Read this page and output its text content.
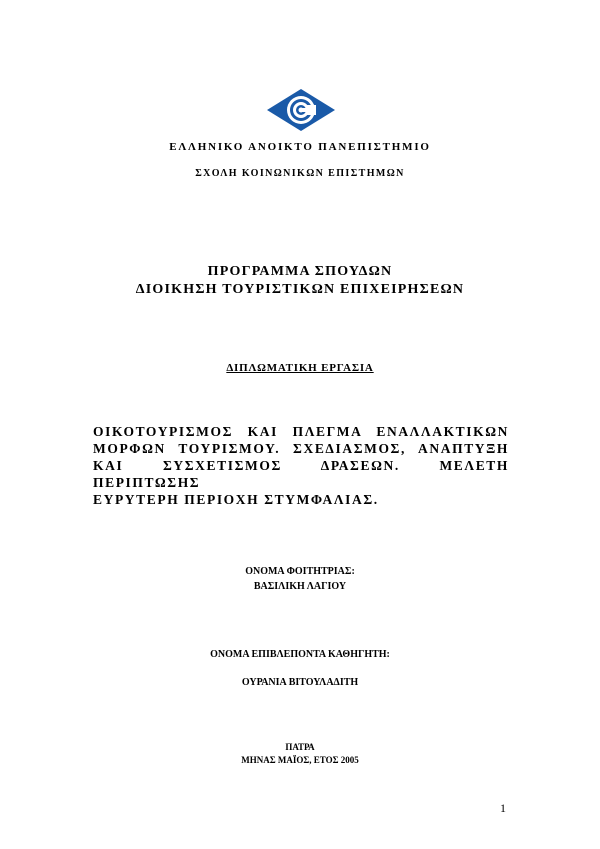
ΕΛΛΗΝΙΚΟ ΑΝΟΙΚΤΟ ΠΑΝΕΠΙΣΤΗΜΙΟ
ΣΧΟΛΗ ΚΟΙΝΩΝΙΚΩΝ ΕΠΙΣΤΗΜΩΝ
ΠΡΟΓΡΑΜΜΑ ΣΠΟΥΔΩΝ
ΔΙΟΙΚΗΣΗ ΤΟΥΡΙΣΤΙΚΩΝ ΕΠΙΧΕΙΡΗΣΕΩΝ
ΔΙΠΛΩΜΑΤΙΚΗ ΕΡΓΑΣΙΑ
ΟΙΚΟΤΟΥΡΙΣΜΟΣ ΚΑΙ ΠΛΕΓΜΑ ΕΝΑΛΛΑΚΤΙΚΩΝ
ΜΟΡΦΩΝ ΤΟΥΡΙΣΜΟΥ. ΣΧΕΔΙΑΣΜΟΣ, ΑΝΑΠΤΥΞΗ
ΚΑΙ ΣΥΣΧΕΤΙΣΜΟΣ ΔΡΑΣΕΩΝ. ΜΕΛΕΤΗ ΠΕΡΙΠΤΩΣΗΣ
ΕΥΡΥΤΕΡΗ ΠΕΡΙΟΧΗ ΣΤΥΜΦΑΛΙΑΣ.
ΟΝΟΜΑ ΦΟΙΤΗΤΡΙΑΣ:
ΒΑΣΙΛΙΚΗ ΛΑΓΙΟΥ
ΟΝΟΜΑ ΕΠΙΒΛΕΠΟΝΤΑ ΚΑΘΗΓΗΤΗ:
ΟΥΡΑΝΙΑ ΒΙΤΟΥΛΑΔΙΤΗ
ΠΑΤΡΑ
ΜΗΝΑΣ ΜΑΪΟΣ, ΕΤΟΣ 2005
1
